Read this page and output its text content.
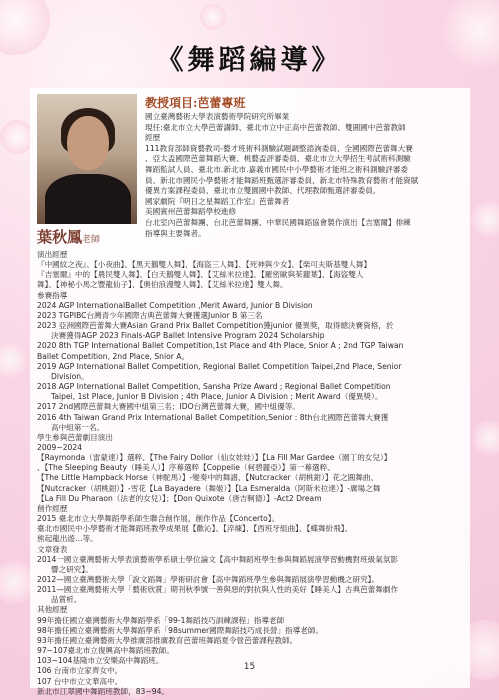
《舞蹈編導》
葉秋鳳老師
教授項目:芭蕾專班
國立臺灣藝術大學表演藝術學院研究所畢業
現任:臺北市立大學芭蕾講師、臺北市立中正高中芭蕾教師、雙圓國中芭蕾教師
經歷
111教育部師資藝教司-藝才班術科測驗試題調整諮詢委員、全國國際芭蕾舞大賽
、亞太盃國際芭蕾舞蹈大賽、桃藝盃評審委員、臺北市立大學招生考試術科測驗
舞蹈監試人員、臺北市.新北市.嘉義市國民中小學藝術才能班之術科測驗評審委
員、新北市國民小學藝術才能舞蹈班甄選評審委員、新北市特殊教育藝術才能資賦
優異方案課程委員、臺北市立雙園國中教師、代理教師甄選評審委員。
國家劇院『明日之星舞蹈工作室』芭蕾舞者
美國賓州芭蕾舞蹈學校進修
台北室內芭蕾舞團、台北芭蕾舞團、中華民國舞蹈協會製作演出【吉塞爾】排練
指導與主要舞者。
演出經歷
『中國紋之夜』、【小夜曲】、【黑天鵝雙人舞】、【海盜三人舞】、【死神與少女】、【柴可夫斯基雙人舞】
『吉塞爾』中的【農民雙人舞】、【白天鵝雙人舞】、【艾絲米拉達】、【羅密歐與茱麗葉】、【海盜雙人
舞】、【神秘小馬之豐龍仙子】、【奧伯浪漫雙人舞】、【艾絲米拉達】雙人舞。
參賽指導
2024 AGP InternationalBallet Competition ,Merit Award, Junior B Division
2023 TGPIBC台灣青少年國際古典芭蕾舞大賽獲選Junior B 第三名
2023 亞洲國際芭蕾舞大賽Asian Grand Prix Ballet Competition獲junior 優異獎，取得總決賽資格，於
決賽獲得AGP 2023 Finals-AGP Ballet Intensive Program 2024 Scholarship
2020 8th TGP International Ballet Competition,1st Place and 4th Place, Snior A ; 2nd TGP Taiwan
Ballet Competition, 2nd Place, Snior A。
2019 AGP International Ballet Competition, Regional Ballet Competition Taipei,2nd Place, Senior
Division。
2018 AGP International Ballet Competition, Sansha Prize Award ; Regional Ballet Competition
Taipei, 1st Place, Junior B Division ; 4th Place, Junior A Division ; Merit Award（優異獎）。
2017 2nd國際芭蕾舞大賽國中組第三名；IDO台灣芭蕾舞大賽，國中組優等。
2016 4th Taiwan Grand Prix International Ballet Competition,Senior : 8th台北國際芭蕾舞大賽獲
高中組第一名。
學生參與芭蕾劇目演出
2009~2024
【Raymonda（雷蒙達）】選粹、【The Fairy Dollor（仙女娃娃）】【La Fill Mar Gardee（園丁的女兒）】
、【The Sleeping Beauty（睡美人）】序幕選粹【Coppelie（柯碧麗亞）】第一幕選粹、
【The Little Hampback Horse（神駝馬）】-變奏中的舞譜、【Nutcracker（胡桃鉗）】花之圓舞曲、
【Nutcracker（胡桃鉗）】-雪花【La Bayadere（舞姬）】【La Esmeralda（阿斯米拉達）】-廣場之舞
【La Fill Du Pharaon（法老的女兒）】；【Don Quixote（唐吉軻德）】-Act2 Dream
創作經歷
2015 臺北市立大學舞蹈學系師生聯合創作展，創作作品【Concerto】。
臺北市國民中小學藝術才能舞蹈班教學成果展【歡沁】、【淬煉】、【西班牙組曲】、【蝶舞紛飛】、
熊起龍出遊…等。
文章發表
2014一國立臺灣藝術大學表演藝術學系碩士學位論文【高中舞蹈班學生參與舞蹈展演學習動機對班級氣氛影
響之研究】。
2012—國立臺灣藝術大學「說文蹈舞」學術研討會【高中舞蹈班學生參與舞蹈展演學習動機之研究】。
2011—國立臺灣藝術大學「藝術欣賞」期刊秋季號一善與惡的對抗與人性的美好【睡美人】古典芭蕾舞劇作
品賞析。
其他經歷
99年擔任國立臺灣藝術大學舞蹈學系「99-1舞蹈技巧訓練課程」指導老師
98年擔任國立臺灣藝術大學舞蹈學系「98summer國際舞蹈技巧成長營」指導老師。
93年擔任國立臺灣藝術大學推廣部推廣教育芭蕾班舞蹈夏令營芭蕾課程教師。
97~107臺北市立復興高中舞蹈班教師。
103~104基隆市立安樂高中舞蹈班。
106 台南市立家齊女中。
107 台中市立文華高中。
新北市江翠國中舞蹈班教師，83~94。
15
